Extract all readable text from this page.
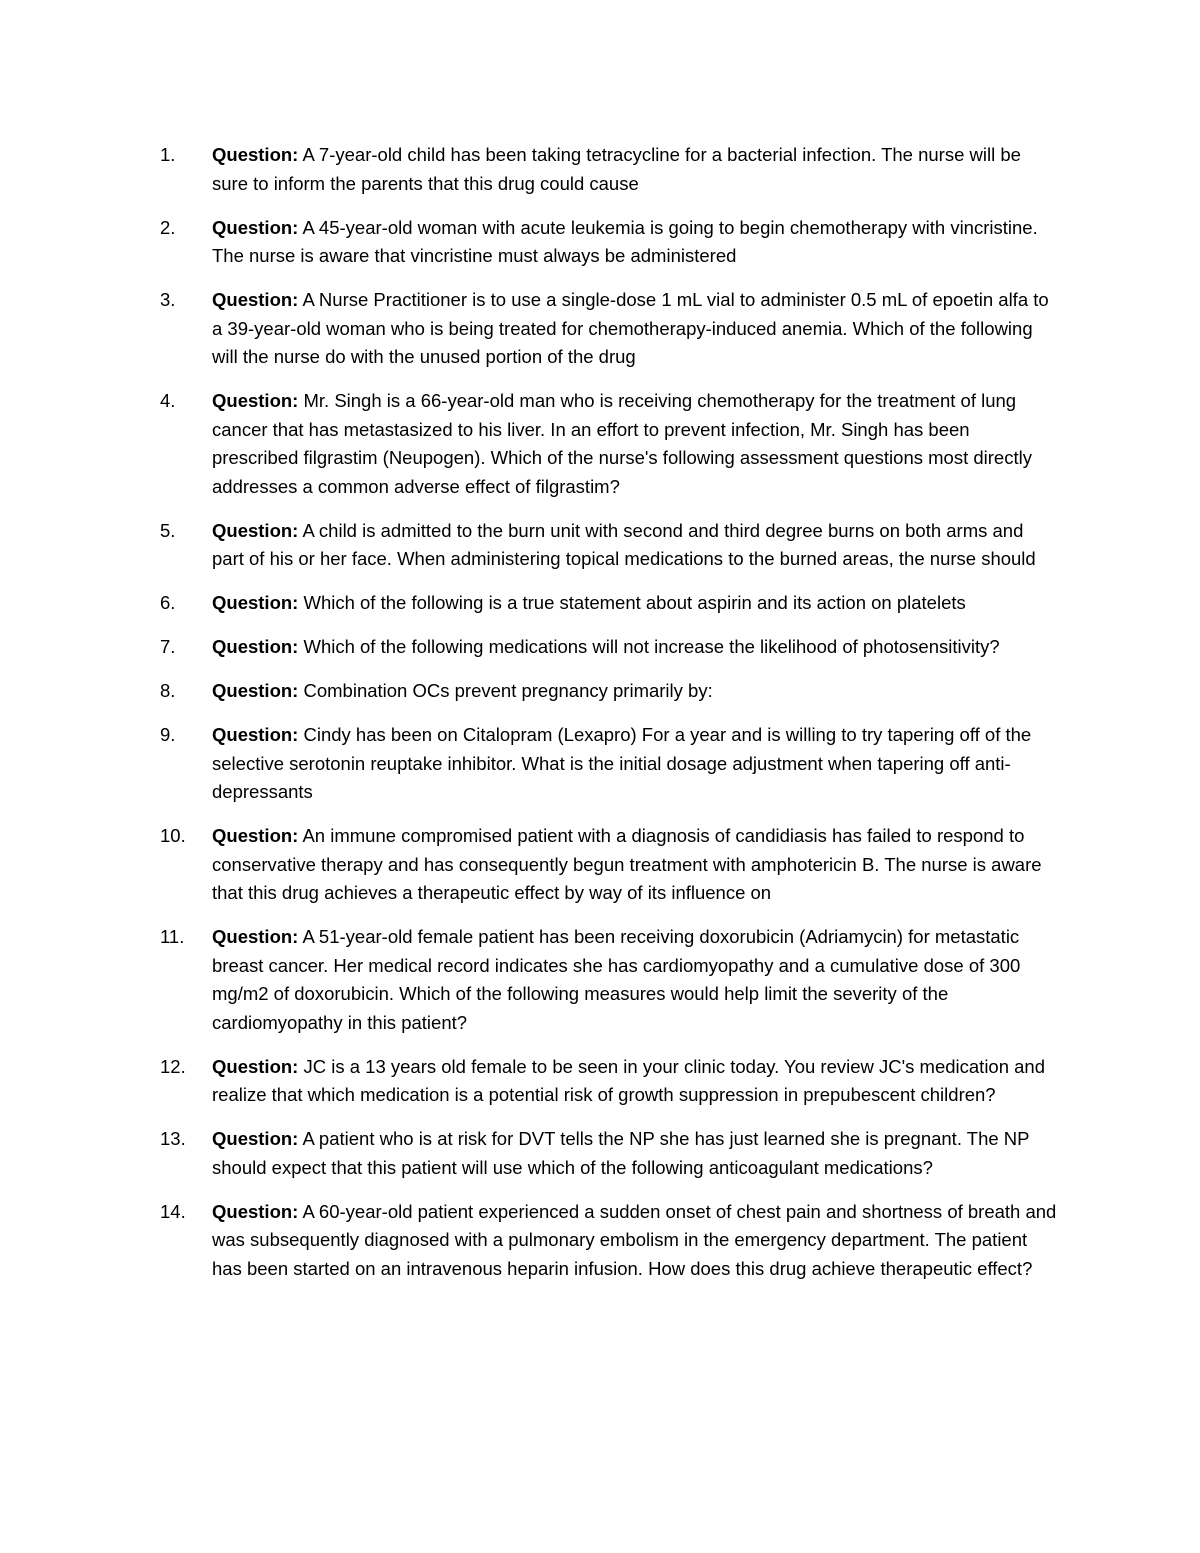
1.	Question: A 7-year-old child has been taking tetracycline for a bacterial infection. The nurse will be sure to inform the parents that this drug could cause
2.	Question: A 45-year-old woman with acute leukemia is going to begin chemotherapy with vincristine. The nurse is aware that vincristine must always be administered
3.	Question: A Nurse Practitioner is to use a single-dose 1 mL vial to administer 0.5 mL of epoetin alfa to a 39-year-old woman who is being treated for chemotherapy-induced anemia. Which of the following will the nurse do with the unused portion of the drug
4.	Question: Mr. Singh is a 66-year-old man who is receiving chemotherapy for the treatment of lung cancer that has metastasized to his liver. In an effort to prevent infection, Mr. Singh has been prescribed filgrastim (Neupogen). Which of the nurse's following assessment questions most directly addresses a common adverse effect of filgrastim?
5.	Question: A child is admitted to the burn unit with second and third degree burns on both arms and part of his or her face. When administering topical medications to the burned areas, the nurse should
6.	Question: Which of the following is a true statement about aspirin and its action on platelets
7.	Question: Which of the following medications will not increase the likelihood of photosensitivity?
8.	Question: Combination OCs prevent pregnancy primarily by:
9.	Question: Cindy has been on Citalopram (Lexapro) For a year and is willing to try tapering off of the selective serotonin reuptake inhibitor. What is the initial dosage adjustment when tapering off anti-depressants
10.	Question: An immune compromised patient with a diagnosis of candidiasis has failed to respond to conservative therapy and has consequently begun treatment with amphotericin B. The nurse is aware that this drug achieves a therapeutic effect by way of its influence on
11.	Question: A 51-year-old female patient has been receiving doxorubicin (Adriamycin) for metastatic breast cancer. Her medical record indicates she has cardiomyopathy and a cumulative dose of 300 mg/m2 of doxorubicin. Which of the following measures would help limit the severity of the cardiomyopathy in this patient?
12.	Question: JC is a 13 years old female to be seen in your clinic today. You review JC's medication and realize that which medication is a potential risk of growth suppression in prepubescent children?
13.	Question: A patient who is at risk for DVT tells the NP she has just learned she is pregnant. The NP should expect that this patient will use which of the following anticoagulant medications?
14.	Question: A 60-year-old patient experienced a sudden onset of chest pain and shortness of breath and was subsequently diagnosed with a pulmonary embolism in the emergency department. The patient has been started on an intravenous heparin infusion. How does this drug achieve therapeutic effect?
